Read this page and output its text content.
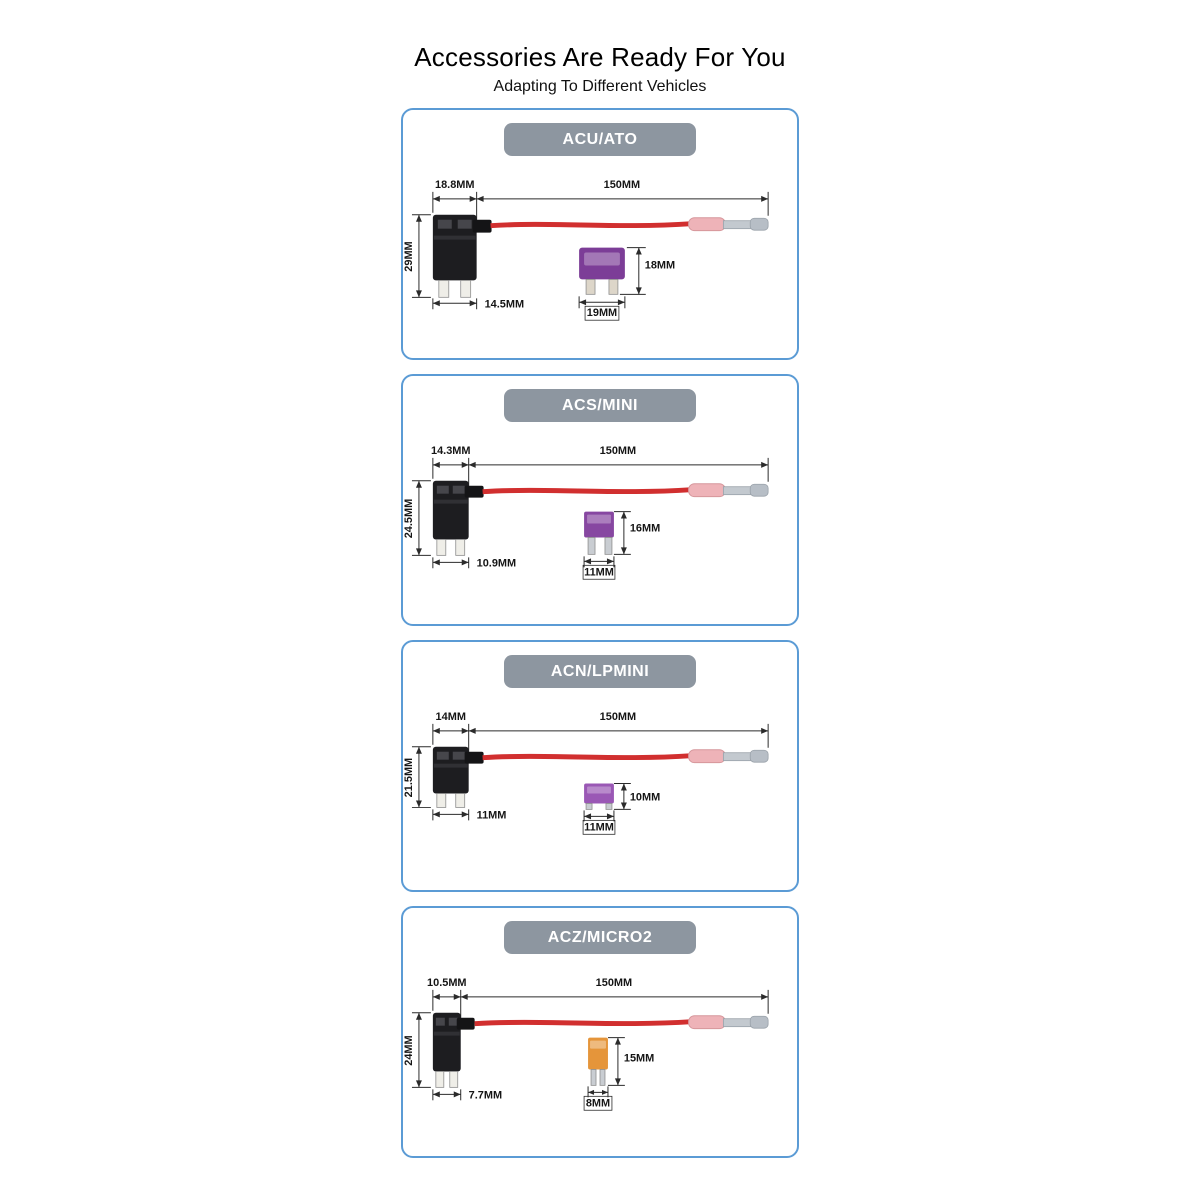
Accessories Are Ready For You
Adapting To Different Vehicles
ACU/ATO
18.8MM	150MM
29MM
14.5MM
18MM
19MM
ACS/MINI
14.3MM	150MM
24.5MM
10.9MM
16MM
11MM
ACN/LPMINI
14MM	150MM
21.5MM
11MM
10MM
11MM
ACZ/MICRO2
10.5MM	150MM
24MM
7.7MM
15MM
8MM
